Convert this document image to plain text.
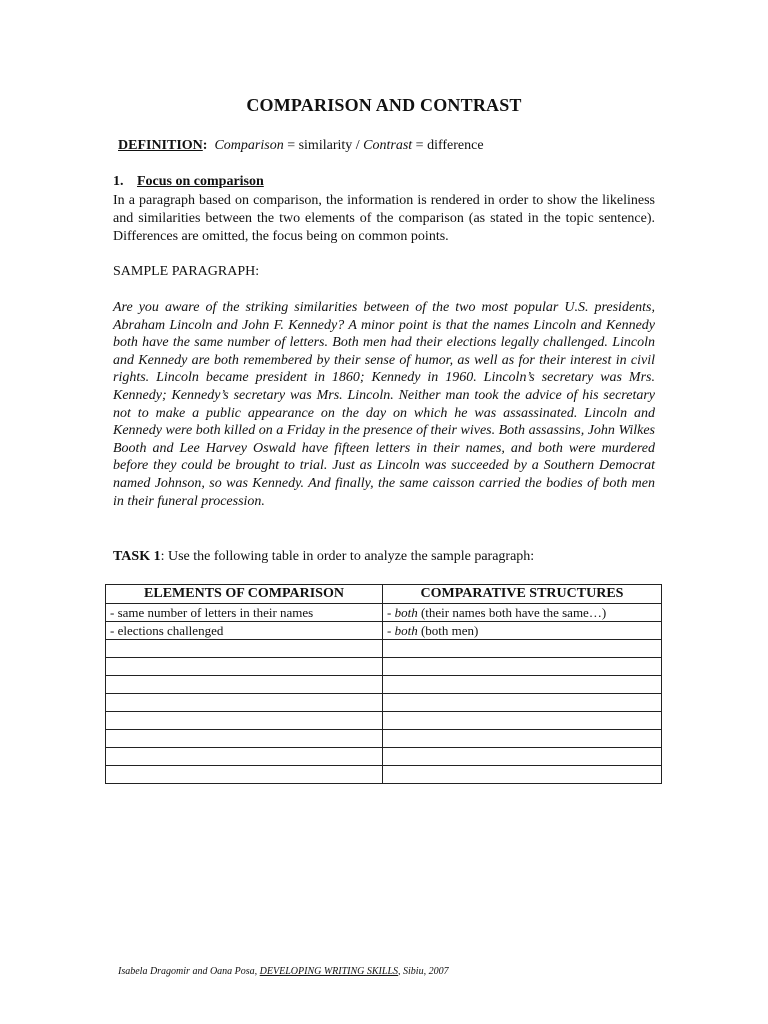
COMPARISON AND CONTRAST
DEFINITION: Comparison = similarity / Contrast = difference
1. Focus on comparison
In a paragraph based on comparison, the information is rendered in order to show the likeliness and similarities between the two elements of the comparison (as stated in the topic sentence). Differences are omitted, the focus being on common points.
SAMPLE PARAGRAPH:
Are you aware of the striking similarities between of the two most popular U.S. presidents, Abraham Lincoln and John F. Kennedy? A minor point is that the names Lincoln and Kennedy both have the same number of letters. Both men had their elections legally challenged. Lincoln and Kennedy are both remembered by their sense of humor, as well as for their interest in civil rights. Lincoln became president in 1860; Kennedy in 1960. Lincoln’s secretary was Mrs. Kennedy; Kennedy’s secretary was Mrs. Lincoln. Neither man took the advice of his secretary not to make a public appearance on the day on which he was assassinated. Lincoln and Kennedy were both killed on a Friday in the presence of their wives. Both assassins, John Wilkes Booth and Lee Harvey Oswald have fifteen letters in their names, and both were murdered before they could be brought to trial. Just as Lincoln was succeeded by a Southern Democrat named Johnson, so was Kennedy. And finally, the same caisson carried the bodies of both men in their funeral procession.
TASK 1: Use the following table in order to analyze the sample paragraph:
ELEMENTS OF COMPARISON	COMPARATIVE STRUCTURES
- same number of letters in their names	- both (their names both have the same…)
- elections challenged	- both (both men)

Isabela Dragomir and Oana Posa, DEVELOPING WRITING SKILLS, Sibiu, 2007
